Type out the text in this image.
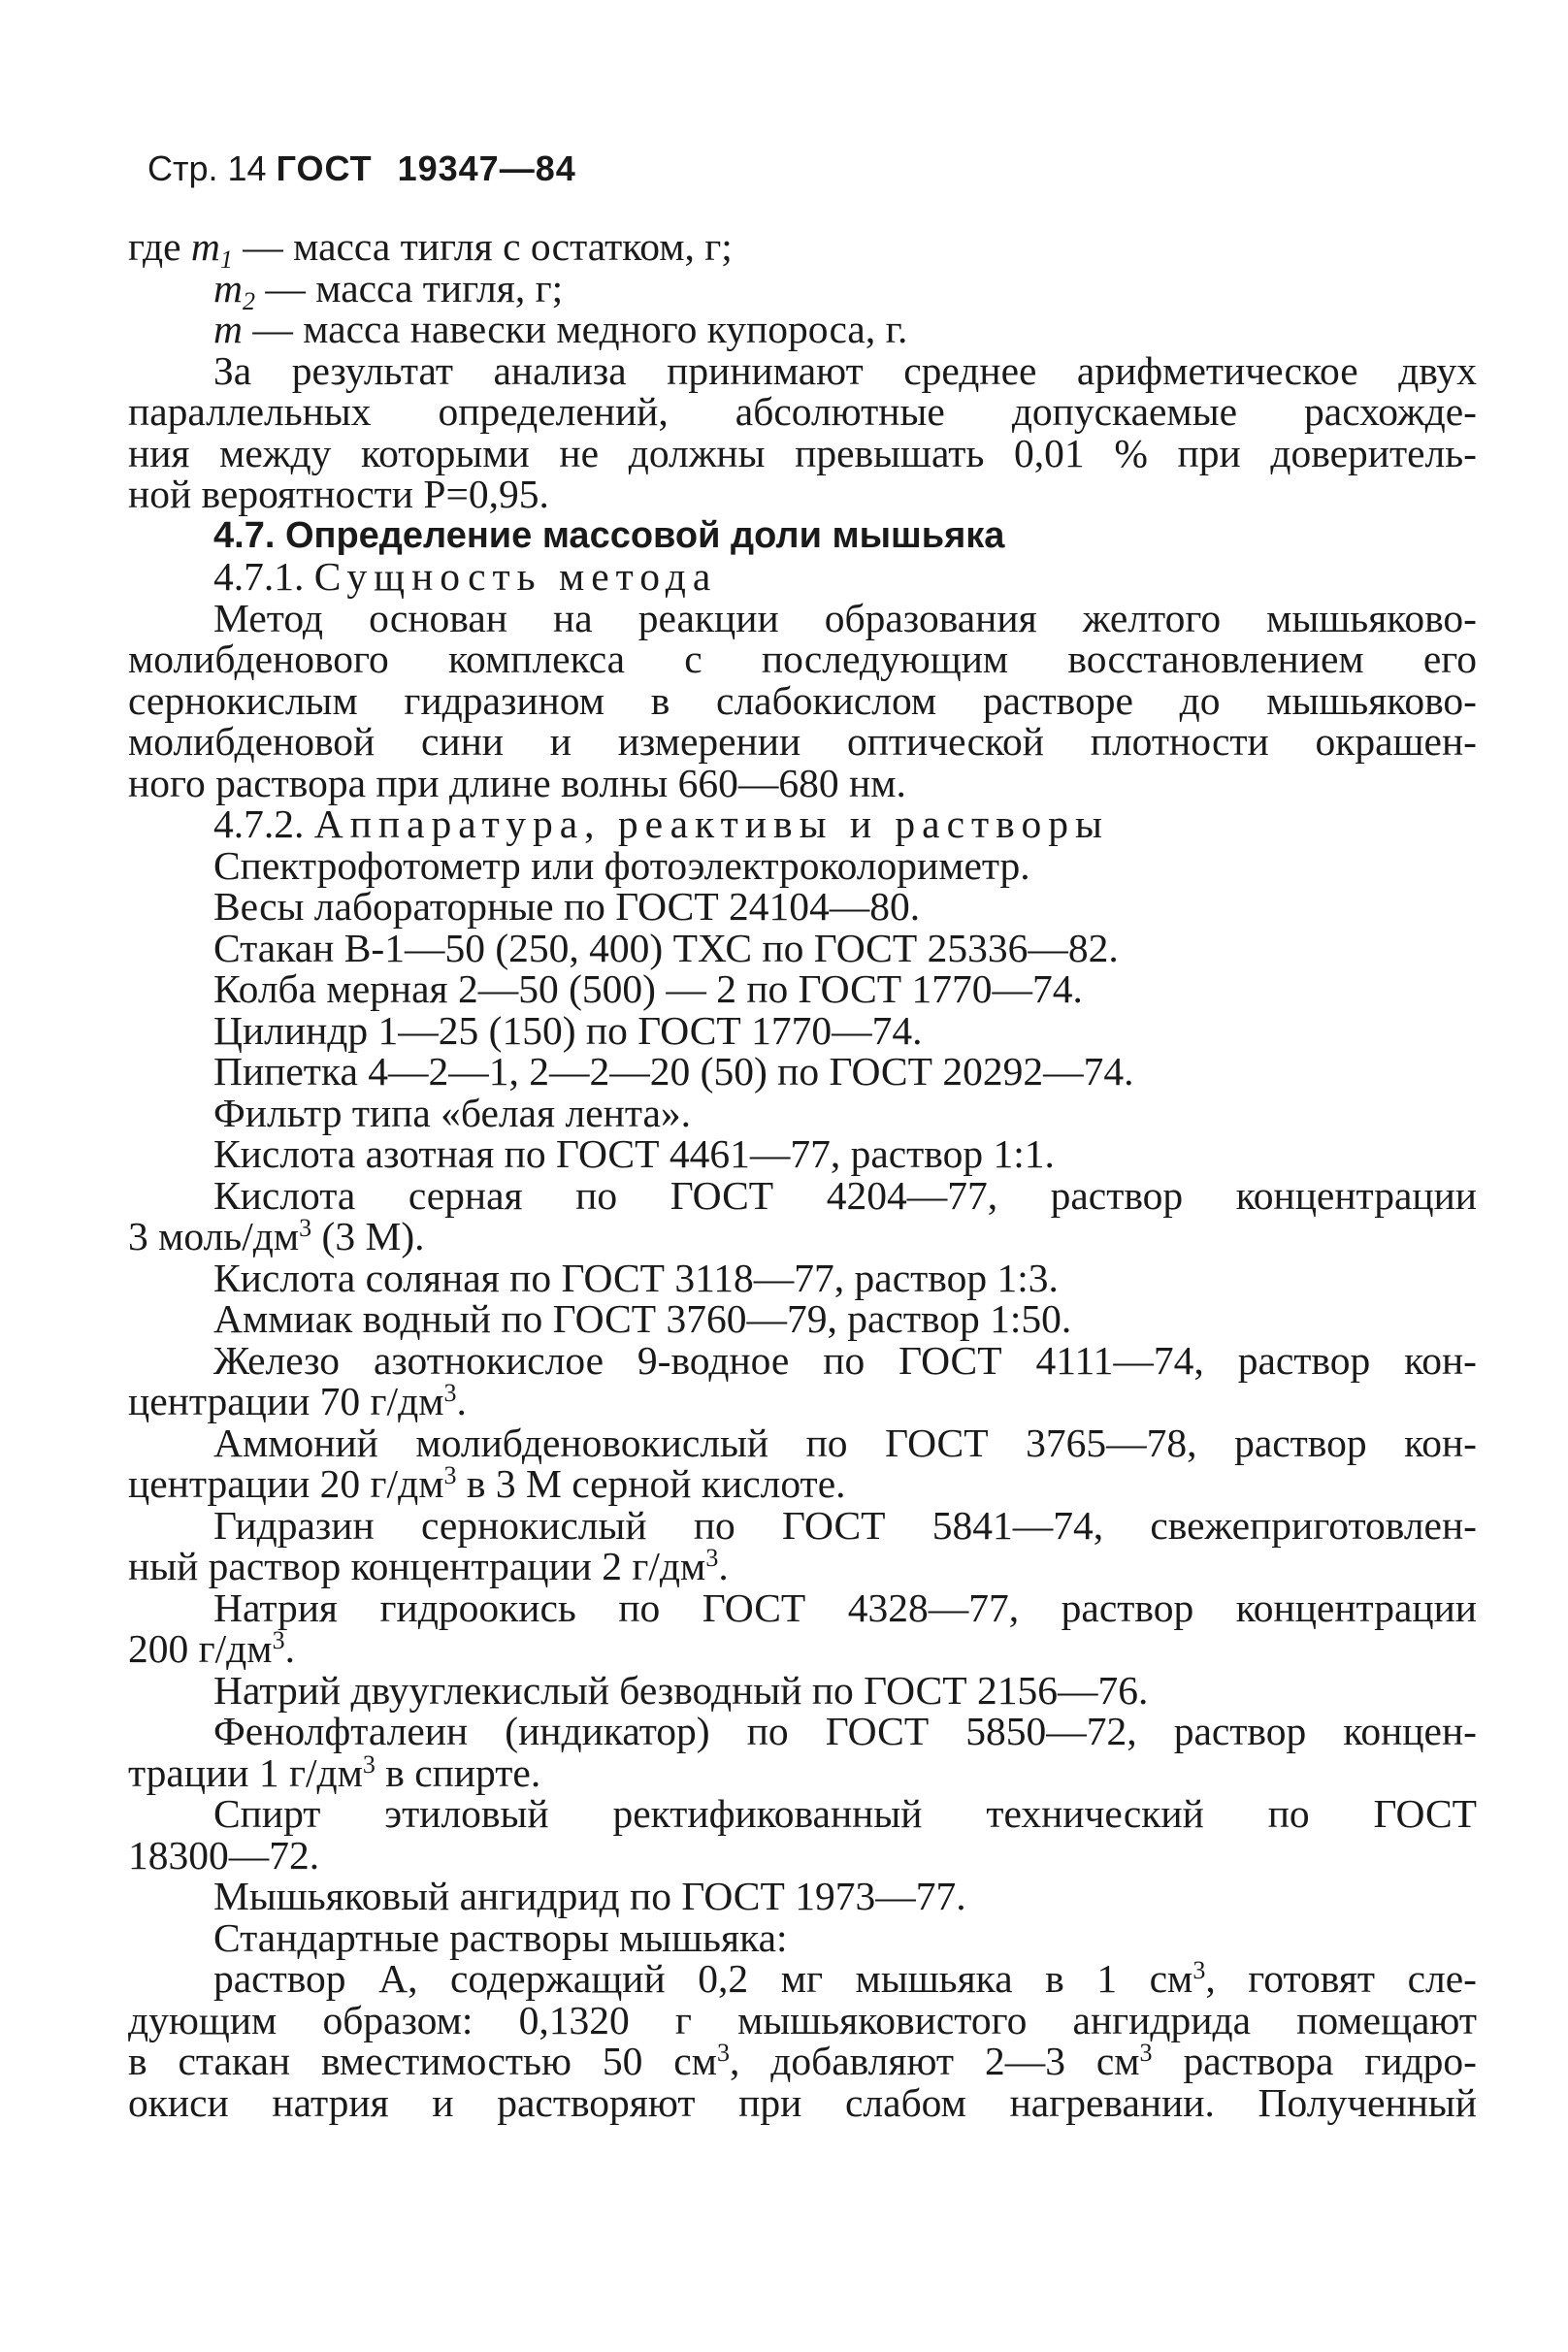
Стр. 14 ГОСТ 19347—84
где $m_1$ — масса тигля с остатком, г;
$m_2$ — масса тигля, г;
m — масса навески медного купороса, г.
За результат анализа принимают среднее арифметическое двух
параллельных определений, абсолютные допускаемые расхожде-
ния между которыми не должны превышать 0,01 % при доверитель-
ной вероятности P=0,95.
4.7. Определение массовой доли мышьяка
4.7.1. Сущность метода
Метод основан на реакции образования желтого мышьяково-
молибденового комплекса с последующим восстановлением его
сернокислым гидразином в слабокислом растворе до мышьяково-
молибденовой сини и измерении оптической плотности окрашен-
ного раствора при длине волны 660—680 нм.
4.7.2. Аппаратура, реактивы и растворы
Спектрофотометр или фотоэлектроколориметр.
Весы лабораторные по ГОСТ 24104—80.
Стакан В-1—50 (250, 400) ТХС по ГОСТ 25336—82.
Колба мерная 2—50 (500) — 2 по ГОСТ 1770—74.
Цилиндр 1—25 (150) по ГОСТ 1770—74.
Пипетка 4—2—1, 2—2—20 (50) по ГОСТ 20292—74.
Фильтр типа «белая лента».
Кислота азотная по ГОСТ 4461—77, раствор 1:1.
Кислота серная по ГОСТ 4204—77, раствор концентрации
3 моль/$дм^3$ (3 М).
Кислота соляная по ГОСТ 3118—77, раствор 1:3.
Аммиак водный по ГОСТ 3760—79, раствор 1:50.
Железо азотнокислое 9-водное по ГОСТ 4111—74, раствор кон-
центрации 70 $г/дм^3$.
Аммоний молибденовокислый по ГОСТ 3765—78, раствор кон-
центрации 20 $г/дм^3$ в 3 М серной кислоте.
Гидразин сернокислый по ГОСТ 5841—74, свежеприготовлен-
ный раствор концентрации 2 $г/дм^3$.
Натрия гидроокись по ГОСТ 4328—77, раствор концентрации
200 $г/дм^3$.
Натрий двууглекислый безводный по ГОСТ 2156—76.
Фенолфталеин (индикатор) по ГОСТ 5850—72, раствор концен-
трации 1 $г/дм^3$ в спирте.
Спирт этиловый ректификованный технический по ГОСТ
18300—72.
Мышьяковый ангидрид по ГОСТ 1973—77.
Стандартные растворы мышьяка:
раствор А, содержащий 0,2 мг мышьяка в 1 $см^3$, готовят сле-
дующим образом: 0,1320 г мышьяковистого ангидрида помещают
в стакан вместимостью 50 $см^3$, добавляют 2—3 $см^3$ раствора гидро-
окиси натрия и растворяют при слабом нагревании. Полученный
